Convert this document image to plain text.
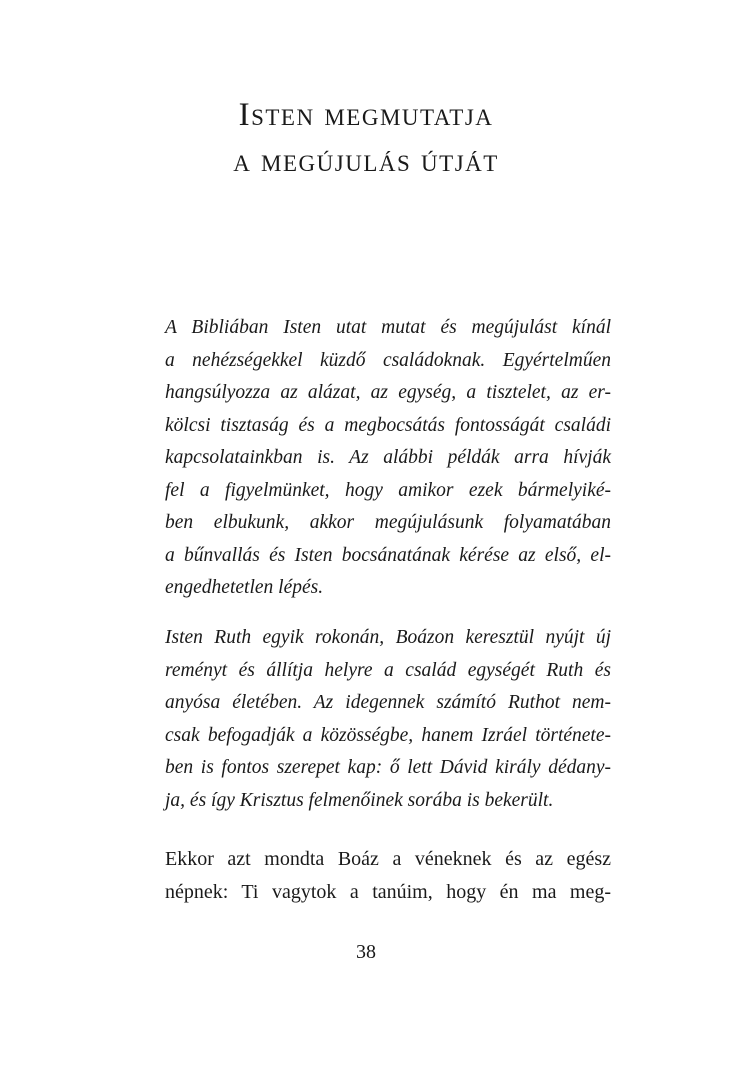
Isten megmutatja
a megújulás útját
A Bibliában Isten utat mutat és megújulást kínál
a nehézségekkel küzdő családoknak. Egyértelműen
hangsúlyozza az alázat, az egység, a tisztelet, az er-
kölcsi tisztaság és a megbocsátás fontosságát családi
kapcsolatainkban is. Az alábbi példák arra hívják
fel a figyelmünket, hogy amikor ezek bármelyiké-
ben elbukunk, akkor megújulásunk folyamatában
a bűnvallás és Isten bocsánatának kérése az első, el-
engedhetetlen lépés.
Isten Ruth egyik rokonán, Boázon keresztül nyújt új
reményt és állítja helyre a család egységét Ruth és
anyósa életében. Az idegennek számító Ruthot nem-
csak befogadják a közösségbe, hanem Izráel története-
ben is fontos szerepet kap: ő lett Dávid király dédany-
ja, és így Krisztus felmenőinek sorába is bekerült.
Ekkor azt mondta Boáz a véneknek és az egész
népnek: Ti vagytok a tanúim, hogy én ma meg-
38
